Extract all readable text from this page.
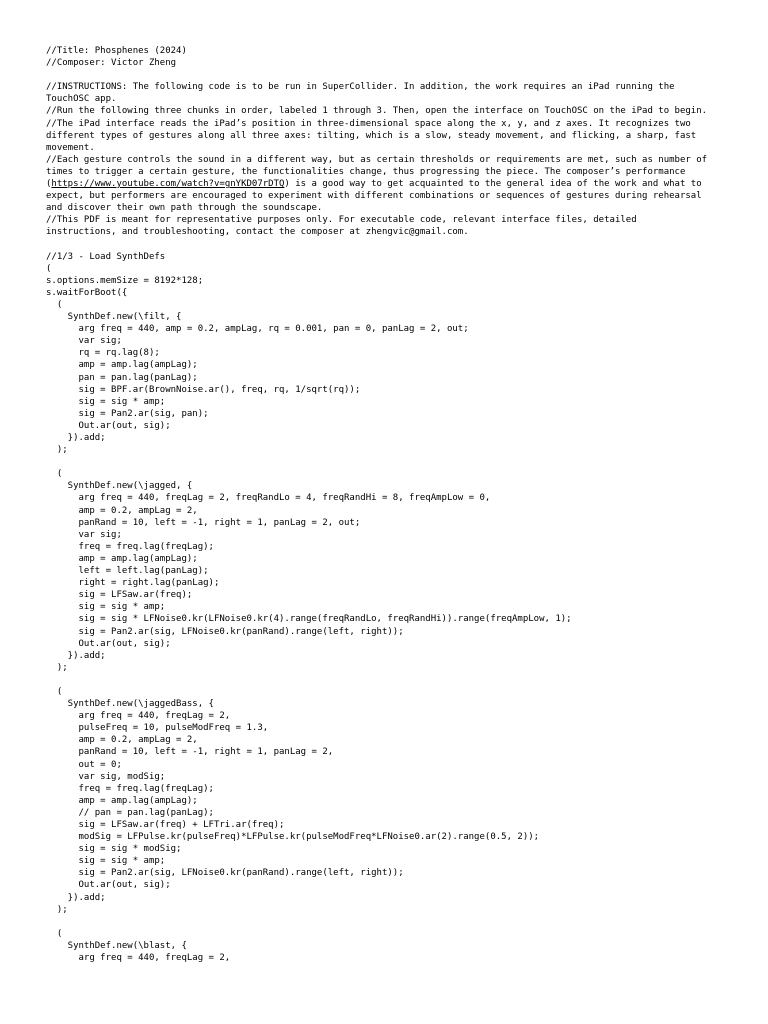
//Title: Phosphenes (2024)
//Composer: Victor Zheng
//INSTRUCTIONS: The following code is to be run in SuperCollider. In addition, the work requires an iPad running the
TouchOSC app.
//Run the following three chunks in order, labeled 1 through 3. Then, open the interface on TouchOSC on the iPad to begin.
//The iPad interface reads the iPad’s position in three-dimensional space along the x, y, and z axes. It recognizes two
different types of gestures along all three axes: tilting, which is a slow, steady movement, and flicking, a sharp, fast
movement.
//Each gesture controls the sound in a different way, but as certain thresholds or requirements are met, such as number of
times to trigger a certain gesture, the functionalities change, thus progressing the piece. The composer’s performance
(https://www.youtube.com/watch?v=gnYKD07rDTQ) is a good way to get acquainted to the general idea of the work and what to
expect, but performers are encouraged to experiment with different combinations or sequences of gestures during rehearsal
and discover their own path through the soundscape.
//This PDF is meant for representative purposes only. For executable code, relevant interface files, detailed
instructions, and troubleshooting, contact the composer at zhengvic@gmail.com.
//1/3 - Load SynthDefs
(
s.options.memSize = 8192*128;
s.waitForBoot({
(
SynthDef.new(\filt, {
arg freq = 440, amp = 0.2, ampLag, rq = 0.001, pan = 0, panLag = 2, out;
var sig;
rq = rq.lag(8);
amp = amp.lag(ampLag);
pan = pan.lag(panLag);
sig = BPF.ar(BrownNoise.ar(), freq, rq, 1/sqrt(rq));
sig = sig * amp;
sig = Pan2.ar(sig, pan);
Out.ar(out, sig);
}).add;
);
(
SynthDef.new(\jagged, {
arg freq = 440, freqLag = 2, freqRandLo = 4, freqRandHi = 8, freqAmpLow = 0,
amp = 0.2, ampLag = 2,
panRand = 10, left = -1, right = 1, panLag = 2, out;
var sig;
freq = freq.lag(freqLag);
amp = amp.lag(ampLag);
left = left.lag(panLag);
right = right.lag(panLag);
sig = LFSaw.ar(freq);
sig = sig * amp;
sig = sig * LFNoise0.kr(LFNoise0.kr(4).range(freqRandLo, freqRandHi)).range(freqAmpLow, 1);
sig = Pan2.ar(sig, LFNoise0.kr(panRand).range(left, right));
Out.ar(out, sig);
}).add;
);
(
SynthDef.new(\jaggedBass, {
arg freq = 440, freqLag = 2,
pulseFreq = 10, pulseModFreq = 1.3,
amp = 0.2, ampLag = 2,
panRand = 10, left = -1, right = 1, panLag = 2,
out = 0;
var sig, modSig;
freq = freq.lag(freqLag);
amp = amp.lag(ampLag);
// pan = pan.lag(panLag);
sig = LFSaw.ar(freq) + LFTri.ar(freq);
modSig = LFPulse.kr(pulseFreq)*LFPulse.kr(pulseModFreq*LFNoise0.ar(2).range(0.5, 2));
sig = sig * modSig;
sig = sig * amp;
sig = Pan2.ar(sig, LFNoise0.kr(panRand).range(left, right));
Out.ar(out, sig);
}).add;
);
(
SynthDef.new(\blast, {
arg freq = 440, freqLag = 2,
